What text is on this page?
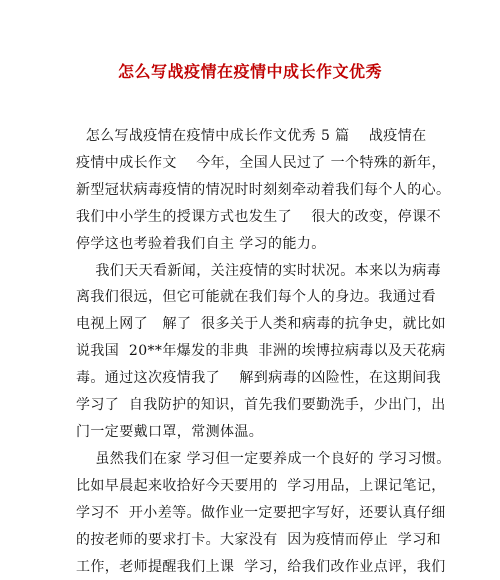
怎么写战疫情在疫情中成长作文优秀

怎么写战疫情在疫情中成长作文优秀 5 篇    战疫情在

疫情中成长作文    今年，全国人民过了 一个特殊的新年，

新型冠状病毒疫情的情况时时刻刻牵动着我们每个人的心。

我们中小学生的授课方式也发生了    很大的改变，停课不

停学这也考验着我们自主 学习的能力。

我们天天看新闻，关注疫情的实时状况。本来以为病毒

离我们很远，但它可能就在我们每个人的身边。我通过看

电视上网了   解了  很多关于人类和病毒的抗争史，就比如

说我国  20**年爆发的非典  非洲的埃博拉病毒以及天花病

毒。通过这次疫情我了    解到病毒的凶险性，在这期间我

学习了  自我防护的知识，首先我们要勤洗手，少出门，出

门一定要戴口罩，常测体温。

虽然我们在家 学习但一定要养成一个良好的 学习习惯。

比如早晨起来收拾好今天要用的  学习用品，上课记笔记，

学习不  开小差等。做作业一定要把字写好，还要认真仔细

的按老师的要求打卡。大家没有  因为疫情而停止  学习和

工作，老师提醒我们上课  学习，给我们改作业点评，我们
